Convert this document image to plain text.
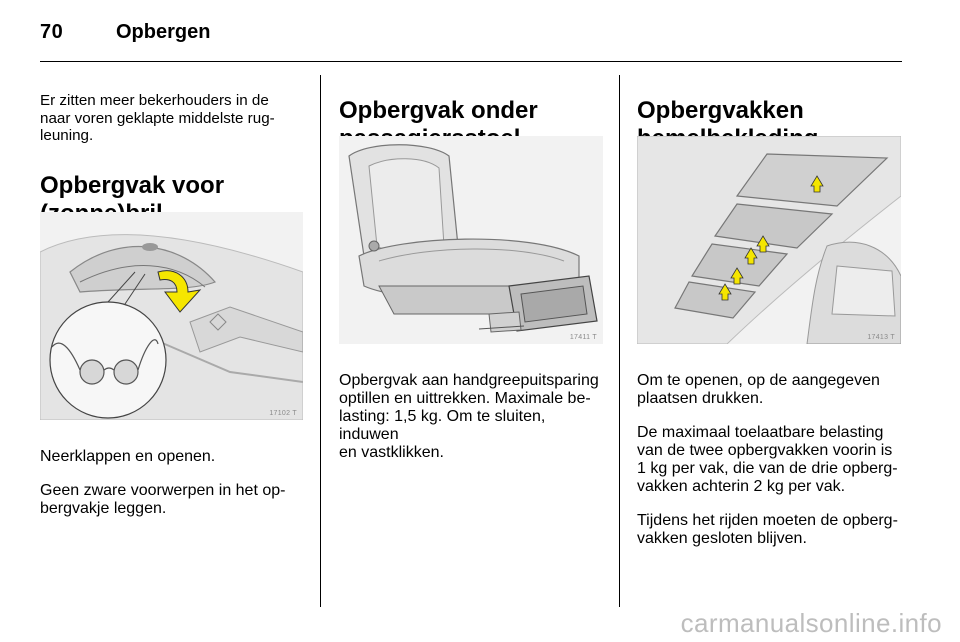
70	Opbergen

Er zitten meer bekerhouders in de
naar voren geklapte middelste rug-
leuning.

Opbergvak voor

17102 T

Neerklappen en openen.

Geen zware voorwerpen in het op-
bergvakje leggen.

Opbergvak onder

17411 T

Opbergvak aan handgreepuitsparing
optillen en uittrekken. Maximale be-
lasting: 1,5 kg. Om te sluiten, induwen
en vastklikken.

Opbergvakken

17413 T

Om te openen, op de aangegeven
plaatsen drukken.

De maximaal toelaatbare belasting
van de twee opbergvakken voorin is
1 kg per vak, die van de drie opberg-
vakken achterin 2 kg per vak.

Tijdens het rijden moeten de opberg-
vakken gesloten blijven.

carmanualsonline.info
